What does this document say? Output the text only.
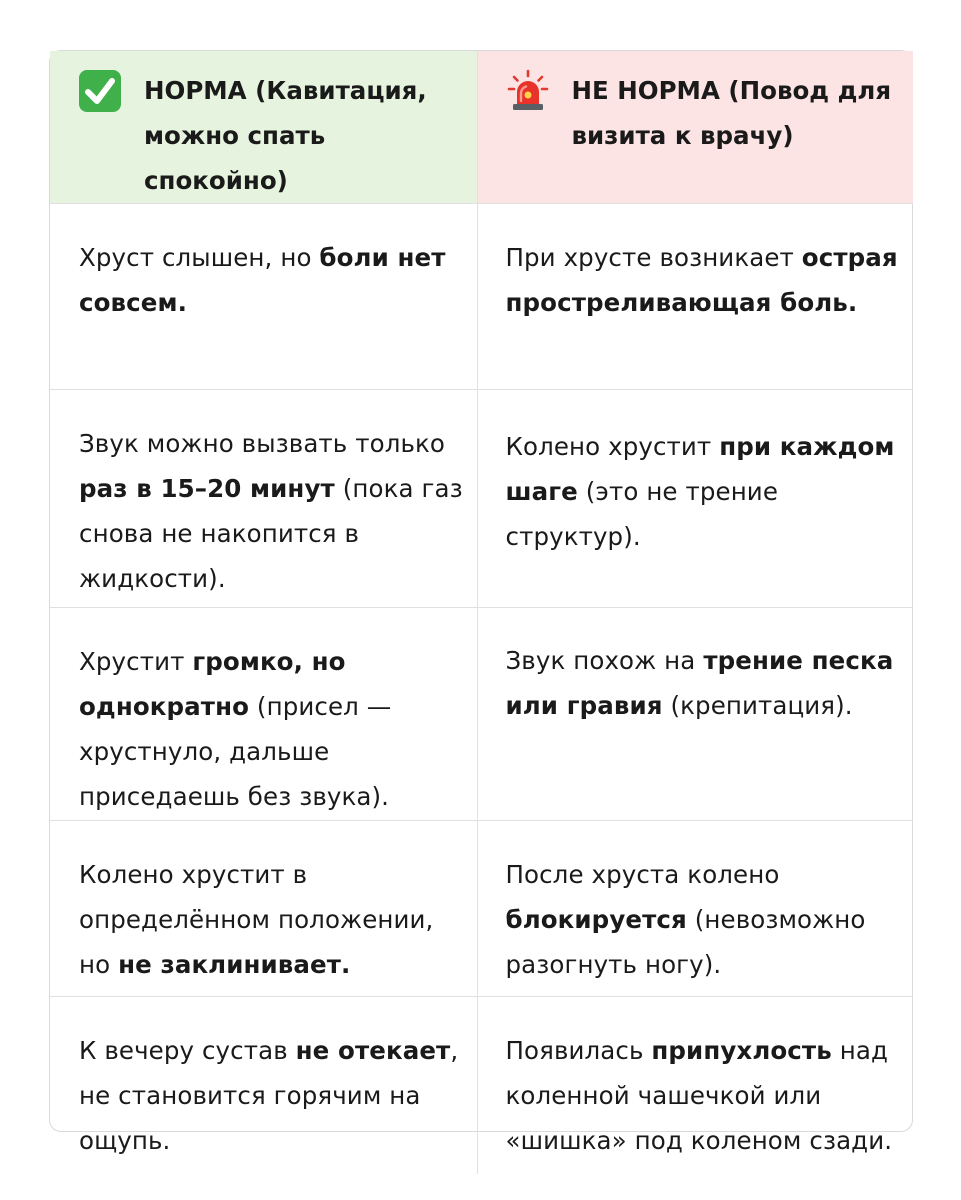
НОРМА (Кавитация, можно спать спокойно)	НЕ НОРМА (Повод для визита к врачу)

Хруст слышен, но боли нет совсем.	При хрусте возникает острая простреливающая боль.

Звук можно вызвать только раз в 15–20 минут (пока газ снова не накопится в жидкости).	Колено хрустит при каждом шаге (это не трение структур).

Хрустит громко, но однократно (присел — хрустнуло, дальше приседаешь без звука).	Звук похож на трение песка или гравия (крепитация).

Колено хрустит в определённом положении, но не заклинивает.	После хруста колено блокируется (невозможно разогнуть ногу).

К вечеру сустав не отекает, не становится горячим на ощупь.	Появилась припухлость над коленной чашечкой или «шишка» под коленом сзади.
